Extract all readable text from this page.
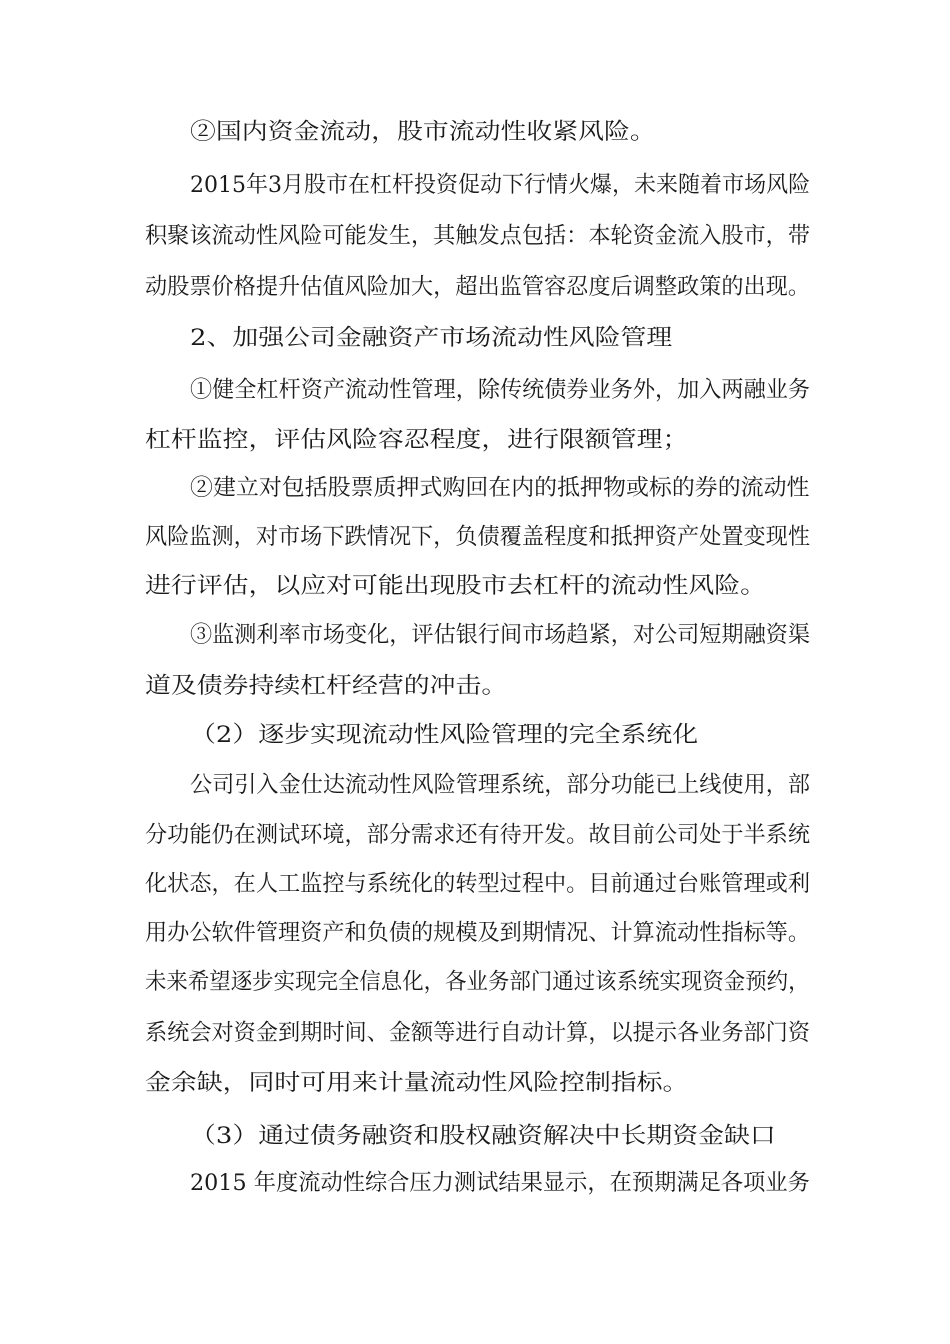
②国内资金流动，股市流动性收紧风险。
2015年3月股市在杠杆投资促动下行情火爆，未来随着市场风险
积聚该流动性风险可能发生，其触发点包括：本轮资金流入股市，带
动股票价格提升估值风险加大，超出监管容忍度后调整政策的出现。
2、加强公司金融资产市场流动性风险管理
①健全杠杆资产流动性管理，除传统债券业务外，加入两融业务
杠杆监控，评估风险容忍程度，进行限额管理；
②建立对包括股票质押式购回在内的抵押物或标的券的流动性
风险监测，对市场下跌情况下，负债覆盖程度和抵押资产处置变现性
进行评估，以应对可能出现股市去杠杆的流动性风险。
③监测利率市场变化，评估银行间市场趋紧，对公司短期融资渠
道及债券持续杠杆经营的冲击。
（2）逐步实现流动性风险管理的完全系统化
公司引入金仕达流动性风险管理系统，部分功能已上线使用，部
分功能仍在测试环境，部分需求还有待开发。故目前公司处于半系统
化状态，在人工监控与系统化的转型过程中。目前通过台账管理或利
用办公软件管理资产和负债的规模及到期情况、计算流动性指标等。
未来希望逐步实现完全信息化，各业务部门通过该系统实现资金预约，
系统会对资金到期时间、金额等进行自动计算，以提示各业务部门资
金余缺，同时可用来计量流动性风险控制指标。
（3）通过债务融资和股权融资解决中长期资金缺口
2015 年度流动性综合压力测试结果显示，在预期满足各项业务
